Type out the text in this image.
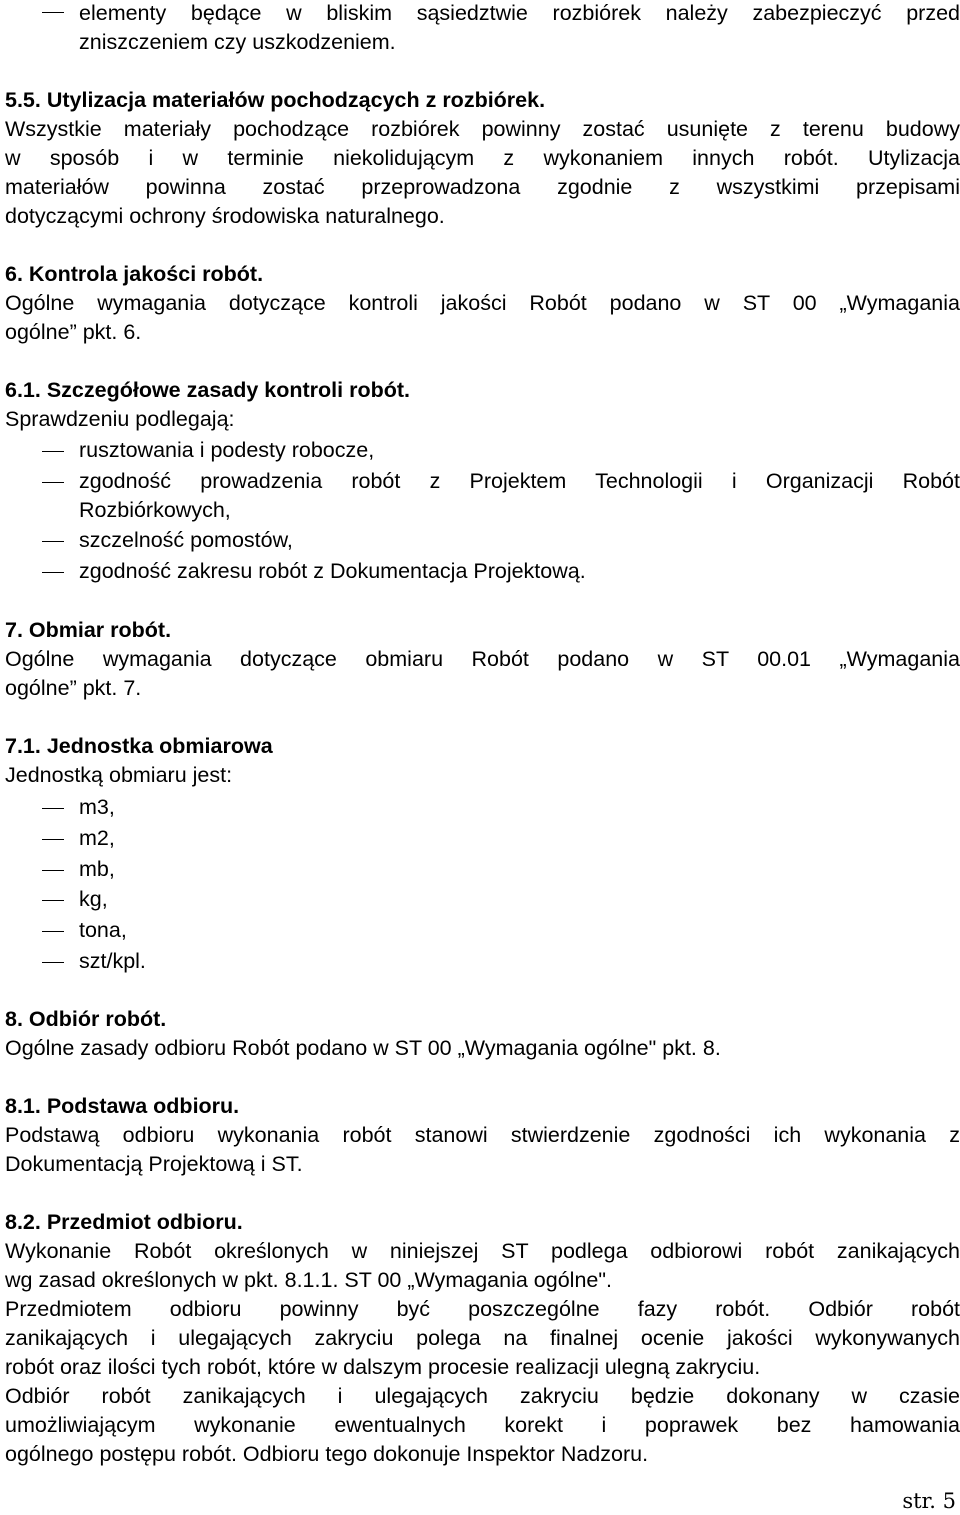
elementy będące w bliskim sąsiedztwie rozbiórek należy zabezpieczyć przed
zniszczeniem czy uszkodzeniem.
5.5. Utylizacja materiałów pochodzących z rozbiórek.
Wszystkie materiały pochodzące rozbiórek powinny zostać usunięte z terenu budowy
w sposób i w terminie niekolidującym z wykonaniem innych robót. Utylizacja
materiałów powinna zostać przeprowadzona zgodnie z wszystkimi przepisami
dotyczącymi ochrony środowiska naturalnego.
6. Kontrola jakości robót.
Ogólne wymagania dotyczące kontroli jakości Robót podano w ST 00 „Wymagania
ogólne” pkt. 6.
6.1. Szczegółowe zasady kontroli robót.
Sprawdzeniu podlegają:
rusztowania i podesty robocze,
zgodność prowadzenia robót z Projektem Technologii i Organizacji Robót
Rozbiórkowych,
szczelność pomostów,
zgodność zakresu robót z Dokumentacja Projektową.
7. Obmiar robót.
Ogólne wymagania dotyczące obmiaru Robót podano w ST 00.01 „Wymagania
ogólne” pkt. 7.
7.1. Jednostka obmiarowa
Jednostką obmiaru jest:
m3,
m2,
mb,
kg,
tona,
szt/kpl.
8. Odbiór robót.
Ogólne zasady odbioru Robót podano w ST 00 „Wymagania ogólne" pkt. 8.
8.1. Podstawa odbioru.
Podstawą odbioru wykonania robót stanowi stwierdzenie zgodności ich wykonania z
Dokumentacją Projektową i ST.
8.2. Przedmiot odbioru.
Wykonanie Robót określonych w niniejszej ST podlega odbiorowi robót zanikających
wg zasad określonych w pkt. 8.1.1. ST 00 „Wymagania ogólne".
Przedmiotem odbioru powinny być poszczególne fazy robót. Odbiór robót
zanikających i ulegających zakryciu polega na finalnej ocenie jakości wykonywanych
robót oraz ilości tych robót, które w dalszym procesie realizacji ulegną zakryciu.
Odbiór robót zanikających i ulegających zakryciu będzie dokonany w czasie
umożliwiającym wykonanie ewentualnych korekt i poprawek bez hamowania
ogólnego postępu robót. Odbioru tego dokonuje Inspektor Nadzoru.
str. 5
